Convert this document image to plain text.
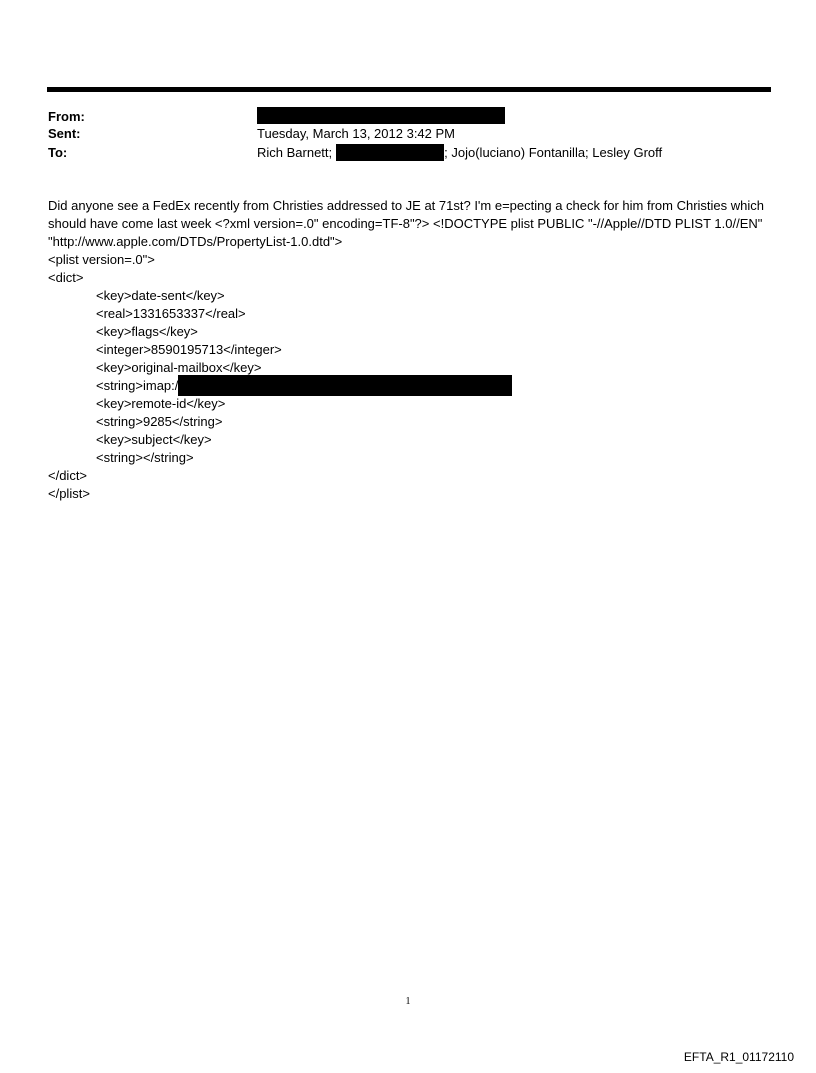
From:
Sent:	Tuesday, March 13, 2012 3:42 PM
To:	Rich Barnett;	; Jojo(luciano) Fontanilla; Lesley Groff

Did anyone see a FedEx recently from Christies addressed to JE at 71st? I'm e=pecting a check for him from Christies which should have come last week <?xml version=.0" encoding=TF-8"?> <!DOCTYPE plist PUBLIC "-//Apple//DTD PLIST 1.0//EN" "http://www.apple.com/DTDs/PropertyList-1.0.dtd">

<plist version=.0">
<dict>
<key>date-sent</key>
<real>1331653337</real>
<key>flags</key>
<integer>8590195713</integer>
<key>original-mailbox</key>
<string>imap:/
<key>remote-id</key>
<string>9285</string>
<key>subject</key>
<string></string>
</dict>
</plist>
1
EFTA_R1_01172110
